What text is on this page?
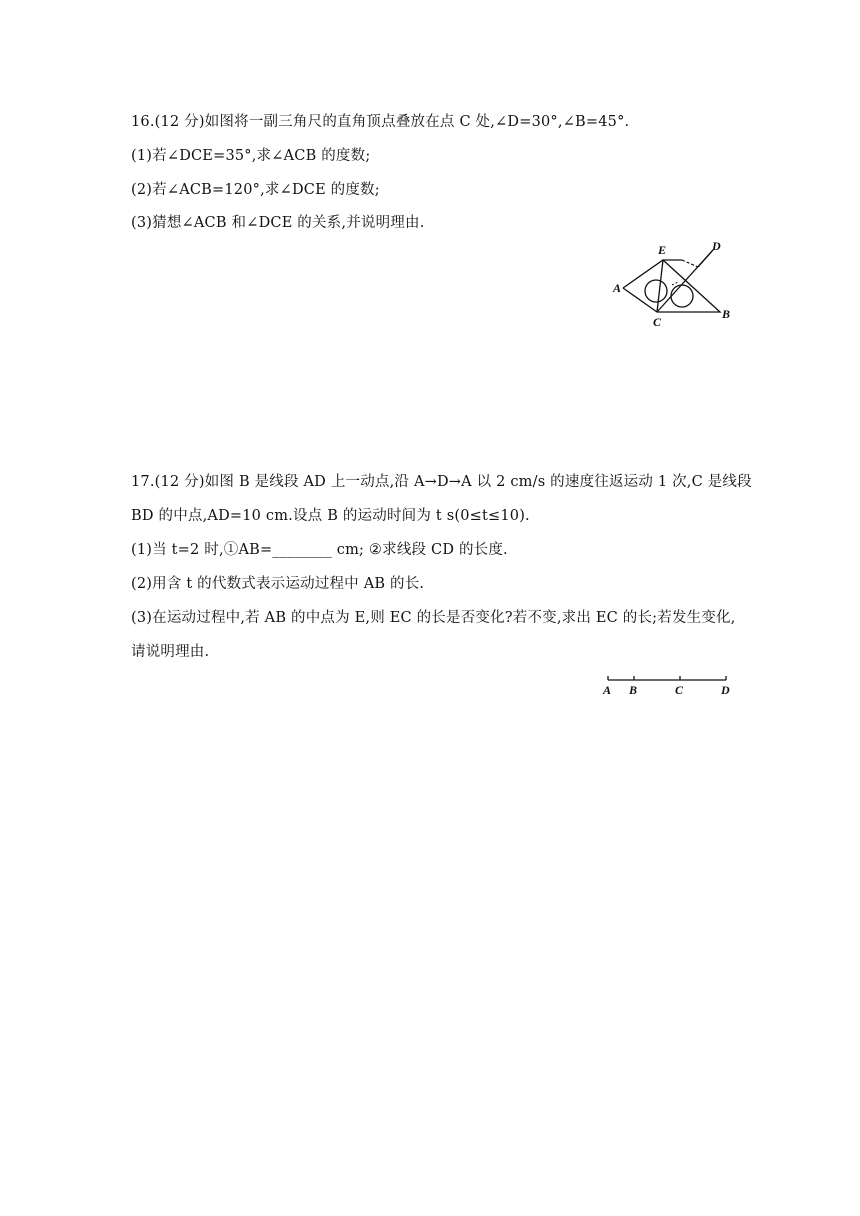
16.(12 分)如图将一副三角尺的直角顶点叠放在点 C 处,∠D=30°,∠B=45°.
(1)若∠DCE=35°,求∠ACB 的度数;
(2)若∠ACB=120°,求∠DCE 的度数;
(3)猜想∠ACB 和∠DCE 的关系,并说明理由.
A
E	D
B
C
17.(12 分)如图 B 是线段 AD 上一动点,沿 A→D→A 以 2 cm/s 的速度往返运动 1 次,C 是线段
BD 的中点,AD=10 cm.设点 B 的运动时间为 t s(0≤t≤10).
(1)当 t=2 时,①AB=________ cm; ②求线段 CD 的长度.
(2)用含 t 的代数式表示运动过程中 AB 的长.
(3)在运动过程中,若 AB 的中点为 E,则 EC 的长是否变化?若不变,求出 EC 的长;若发生变化,
请说明理由.
A B	C	D
